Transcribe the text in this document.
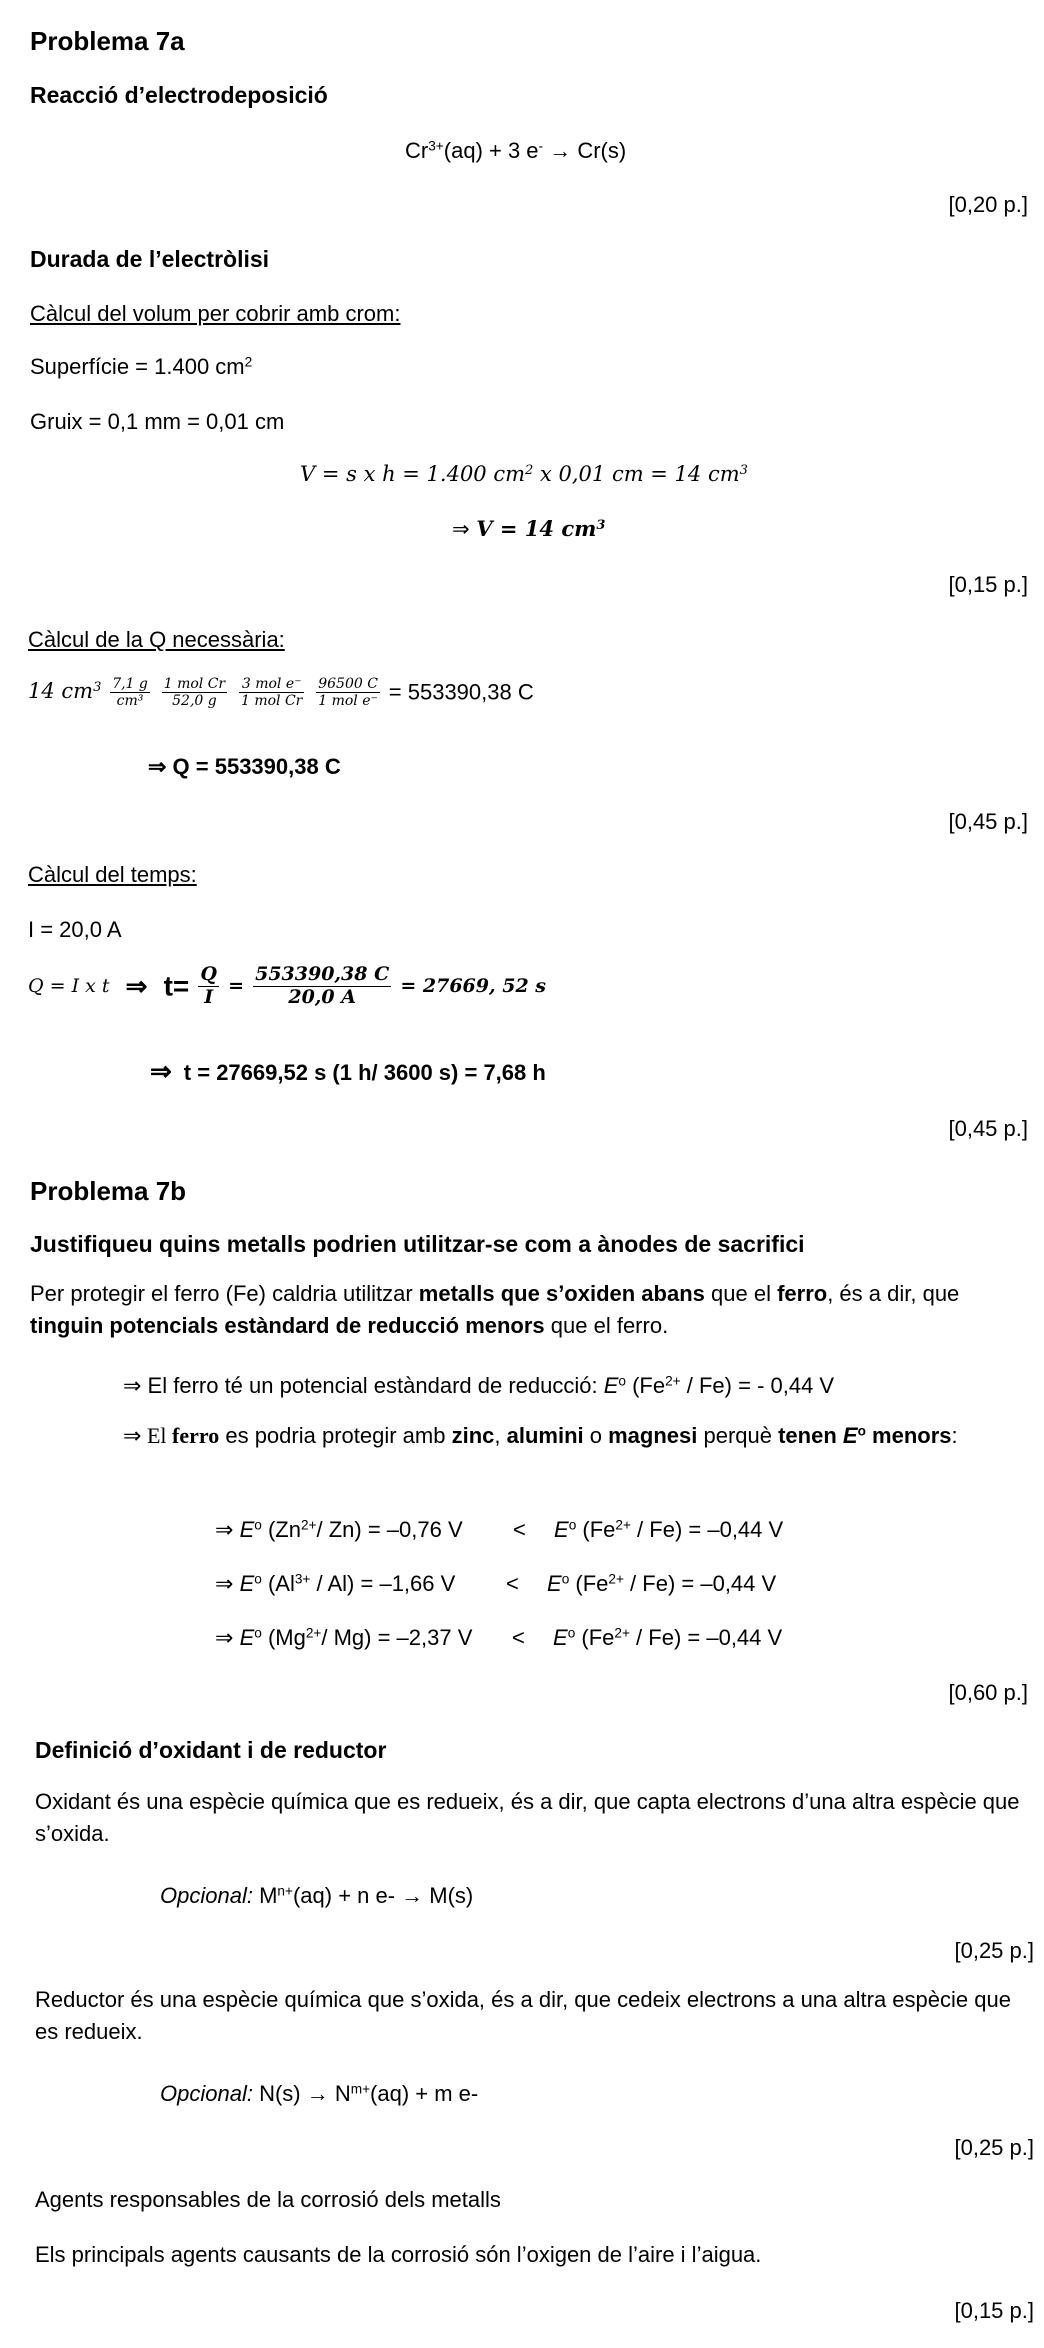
Problema 7a
Reacció d’electrodeposició
$Cr^{3+}(aq) + 3$ e- → Cr(s)
[0,20 p.]
Durada de l’electròlisi
Càlcul del volum per cobrir amb crom:
Superfície = 1.400 $cm^2$
Gruix = 0,1 mm = 0,01 cm
V = s x h = 1.400 $cm^2$ x 0,01 cm = 14 $cm^3$
⇒ V = 14 $cm^3$
[0,15 p.]
Càlcul de la Q necessària:
14 $cm^3 \frac{7,1 g}{\text{cm³}}$
$\frac{\text{1 mol Cr}}{52,0 g}$
$\frac{\text{3 mol e⁻}}{\text{1 mol Cr}}$
$\frac{96500 C}{\text{1 mol e⁻}} = 553390,38$ C
⇒ Q = 553390,38 C
[0,45 p.]
Càlcul del temps:
I = 20,0 A
Q = I x t ⇒ $t= \frac{Q}{I} = \frac{553390,38 C}{20,0 A} = 27669$, 52 s
⇒ t = 27669,52 s (1 h/ 3600 s) = 7,68 h
[0,45 p.]
Problema 7b
Justifiqueu quins metalls podrien utilitzar-se com a ànodes de sacrifici
Per protegir el ferro (Fe) caldria utilitzar metalls que s’oxiden abans que el ferro, és a dir, que tinguin potencials estàndard de reducció menors que el ferro.
⇒ El ferro té un potencial estàndard de reducció: $E^o$ $(Fe^{2+} / Fe)$ = - 0,44 V
⇒ El ferro es podria protegir amb zinc, alumini o magnesi perquè tenen $E^o$ menors:
⇒ $E^o$ ($Zn^{2+}/$ Zn) = –0,76 $V < E^o$ $(Fe^{2+} / Fe) = -0,44$ V
⇒ $E^o$ $(Al^{3+} / Al) = -1,66$ $V < E^o$ $(Fe^{2+} / Fe) = -0,44$ V
⇒ $E^o$ ($Mg^{2+}/$ Mg) = –2,37 $V < E^o$ $(Fe^{2+} / Fe) = -0,44$ V
[0,60 p.]
Definició d’oxidant i de reductor
Oxidant és una espècie química que es redueix, és a dir, que capta electrons d’una altra espècie que s’oxida.
Opcional: $M^{n+}(aq) + n$ e- → M(s)
[0,25 p.]
Reductor és una espècie química que s’oxida, és a dir, que cedeix electrons a una altra espècie que es redueix.
Opcional: $N(s) \to N^{m+}(aq) + m$ e-
[0,25 p.]
Agents responsables de la corrosió dels metalls
Els principals agents causants de la corrosió són l’oxigen de l’aire i l’aigua.
[0,15 p.]
